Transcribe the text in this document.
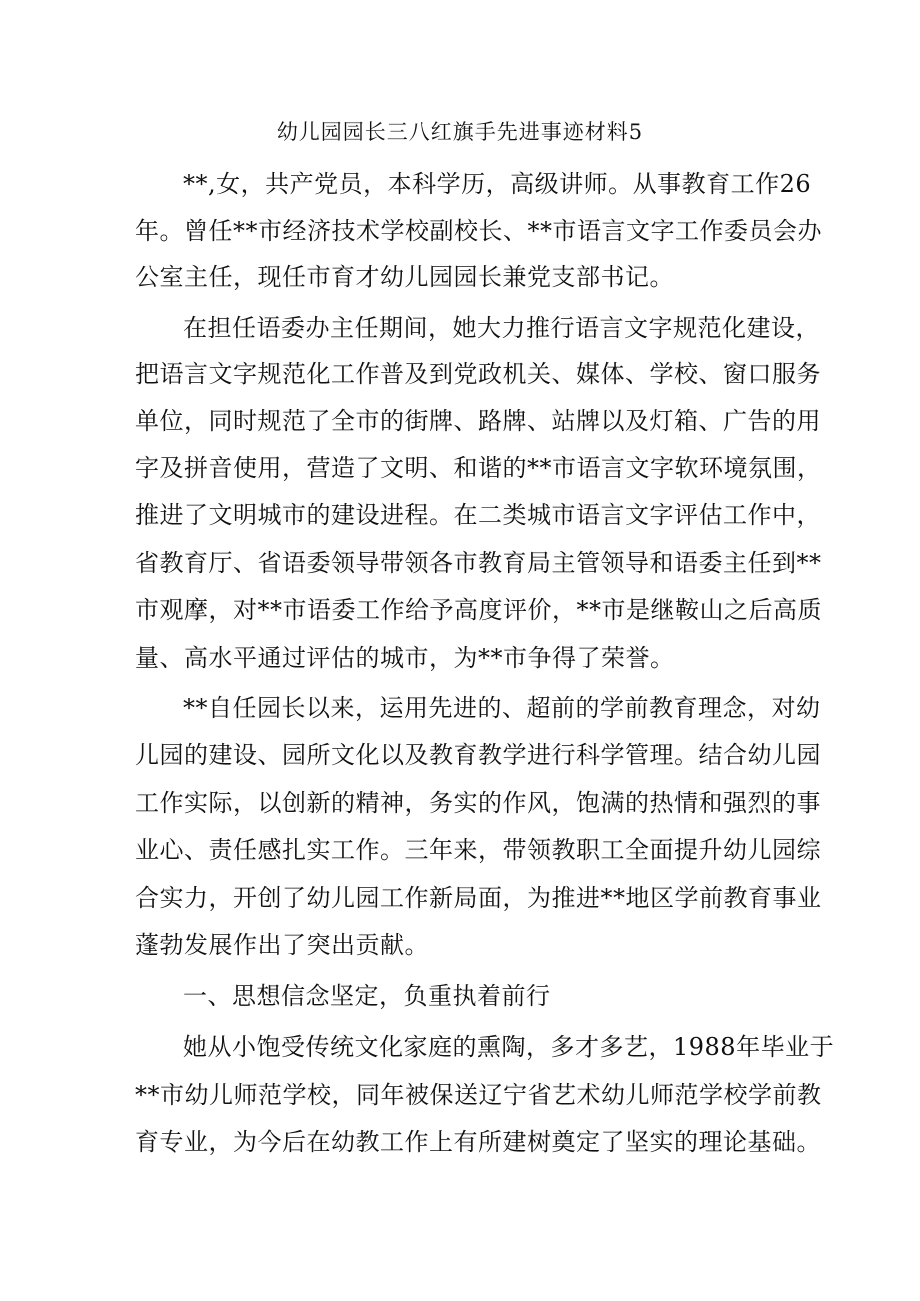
幼儿园园长三八红旗手先进事迹材料5
**,女，共产党员，本科学历，高级讲师。从事教育工作26
年。曾任**市经济技术学校副校长、**市语言文字工作委员会办
公室主任，现任市育才幼儿园园长兼党支部书记。
在担任语委办主任期间，她大力推行语言文字规范化建设，
把语言文字规范化工作普及到党政机关、媒体、学校、窗口服务
单位，同时规范了全市的街牌、路牌、站牌以及灯箱、广告的用
字及拼音使用，营造了文明、和谐的**市语言文字软环境氛围，
推进了文明城市的建设进程。在二类城市语言文字评估工作中，
省教育厅、省语委领导带领各市教育局主管领导和语委主任到**
市观摩，对**市语委工作给予高度评价，**市是继鞍山之后高质
量、高水平通过评估的城市，为**市争得了荣誉。
**自任园长以来，运用先进的、超前的学前教育理念，对幼
儿园的建设、园所文化以及教育教学进行科学管理。结合幼儿园
工作实际，以创新的精神，务实的作风，饱满的热情和强烈的事
业心、责任感扎实工作。三年来，带领教职工全面提升幼儿园综
合实力，开创了幼儿园工作新局面，为推进**地区学前教育事业
蓬勃发展作出了突出贡献。
一、思想信念坚定，负重执着前行
她从小饱受传统文化家庭的熏陶，多才多艺，1988年毕业于
**市幼儿师范学校，同年被保送辽宁省艺术幼儿师范学校学前教
育专业，为今后在幼教工作上有所建树奠定了坚实的理论基础。
